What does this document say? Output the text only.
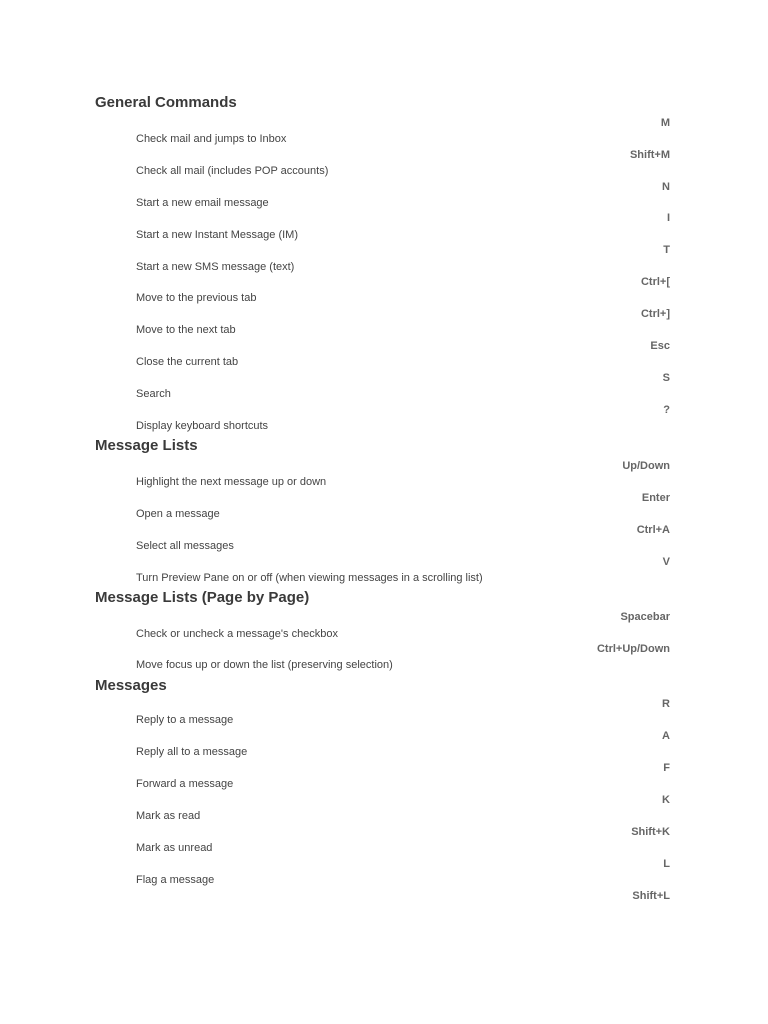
General Commands
M
Check mail and jumps to Inbox
Shift+M
Check all mail (includes POP accounts)
N
Start a new email message
I
Start a new Instant Message (IM)
T
Start a new SMS message (text)
Ctrl+[
Move to the previous tab
Ctrl+]
Move to the next tab
Esc
Close the current tab
S
Search
?
Display keyboard shortcuts
Message Lists
Up/Down
Highlight the next message up or down
Enter
Open a message
Ctrl+A
Select all messages
V
Turn Preview Pane on or off (when viewing messages in a scrolling list)
Message Lists (Page by Page)
Spacebar
Check or uncheck a message's checkbox
Ctrl+Up/Down
Move focus up or down the list (preserving selection)
Messages
R
Reply to a message
A
Reply all to a message
F
Forward a message
K
Mark as read
Shift+K
Mark as unread
L
Flag a message
Shift+L
